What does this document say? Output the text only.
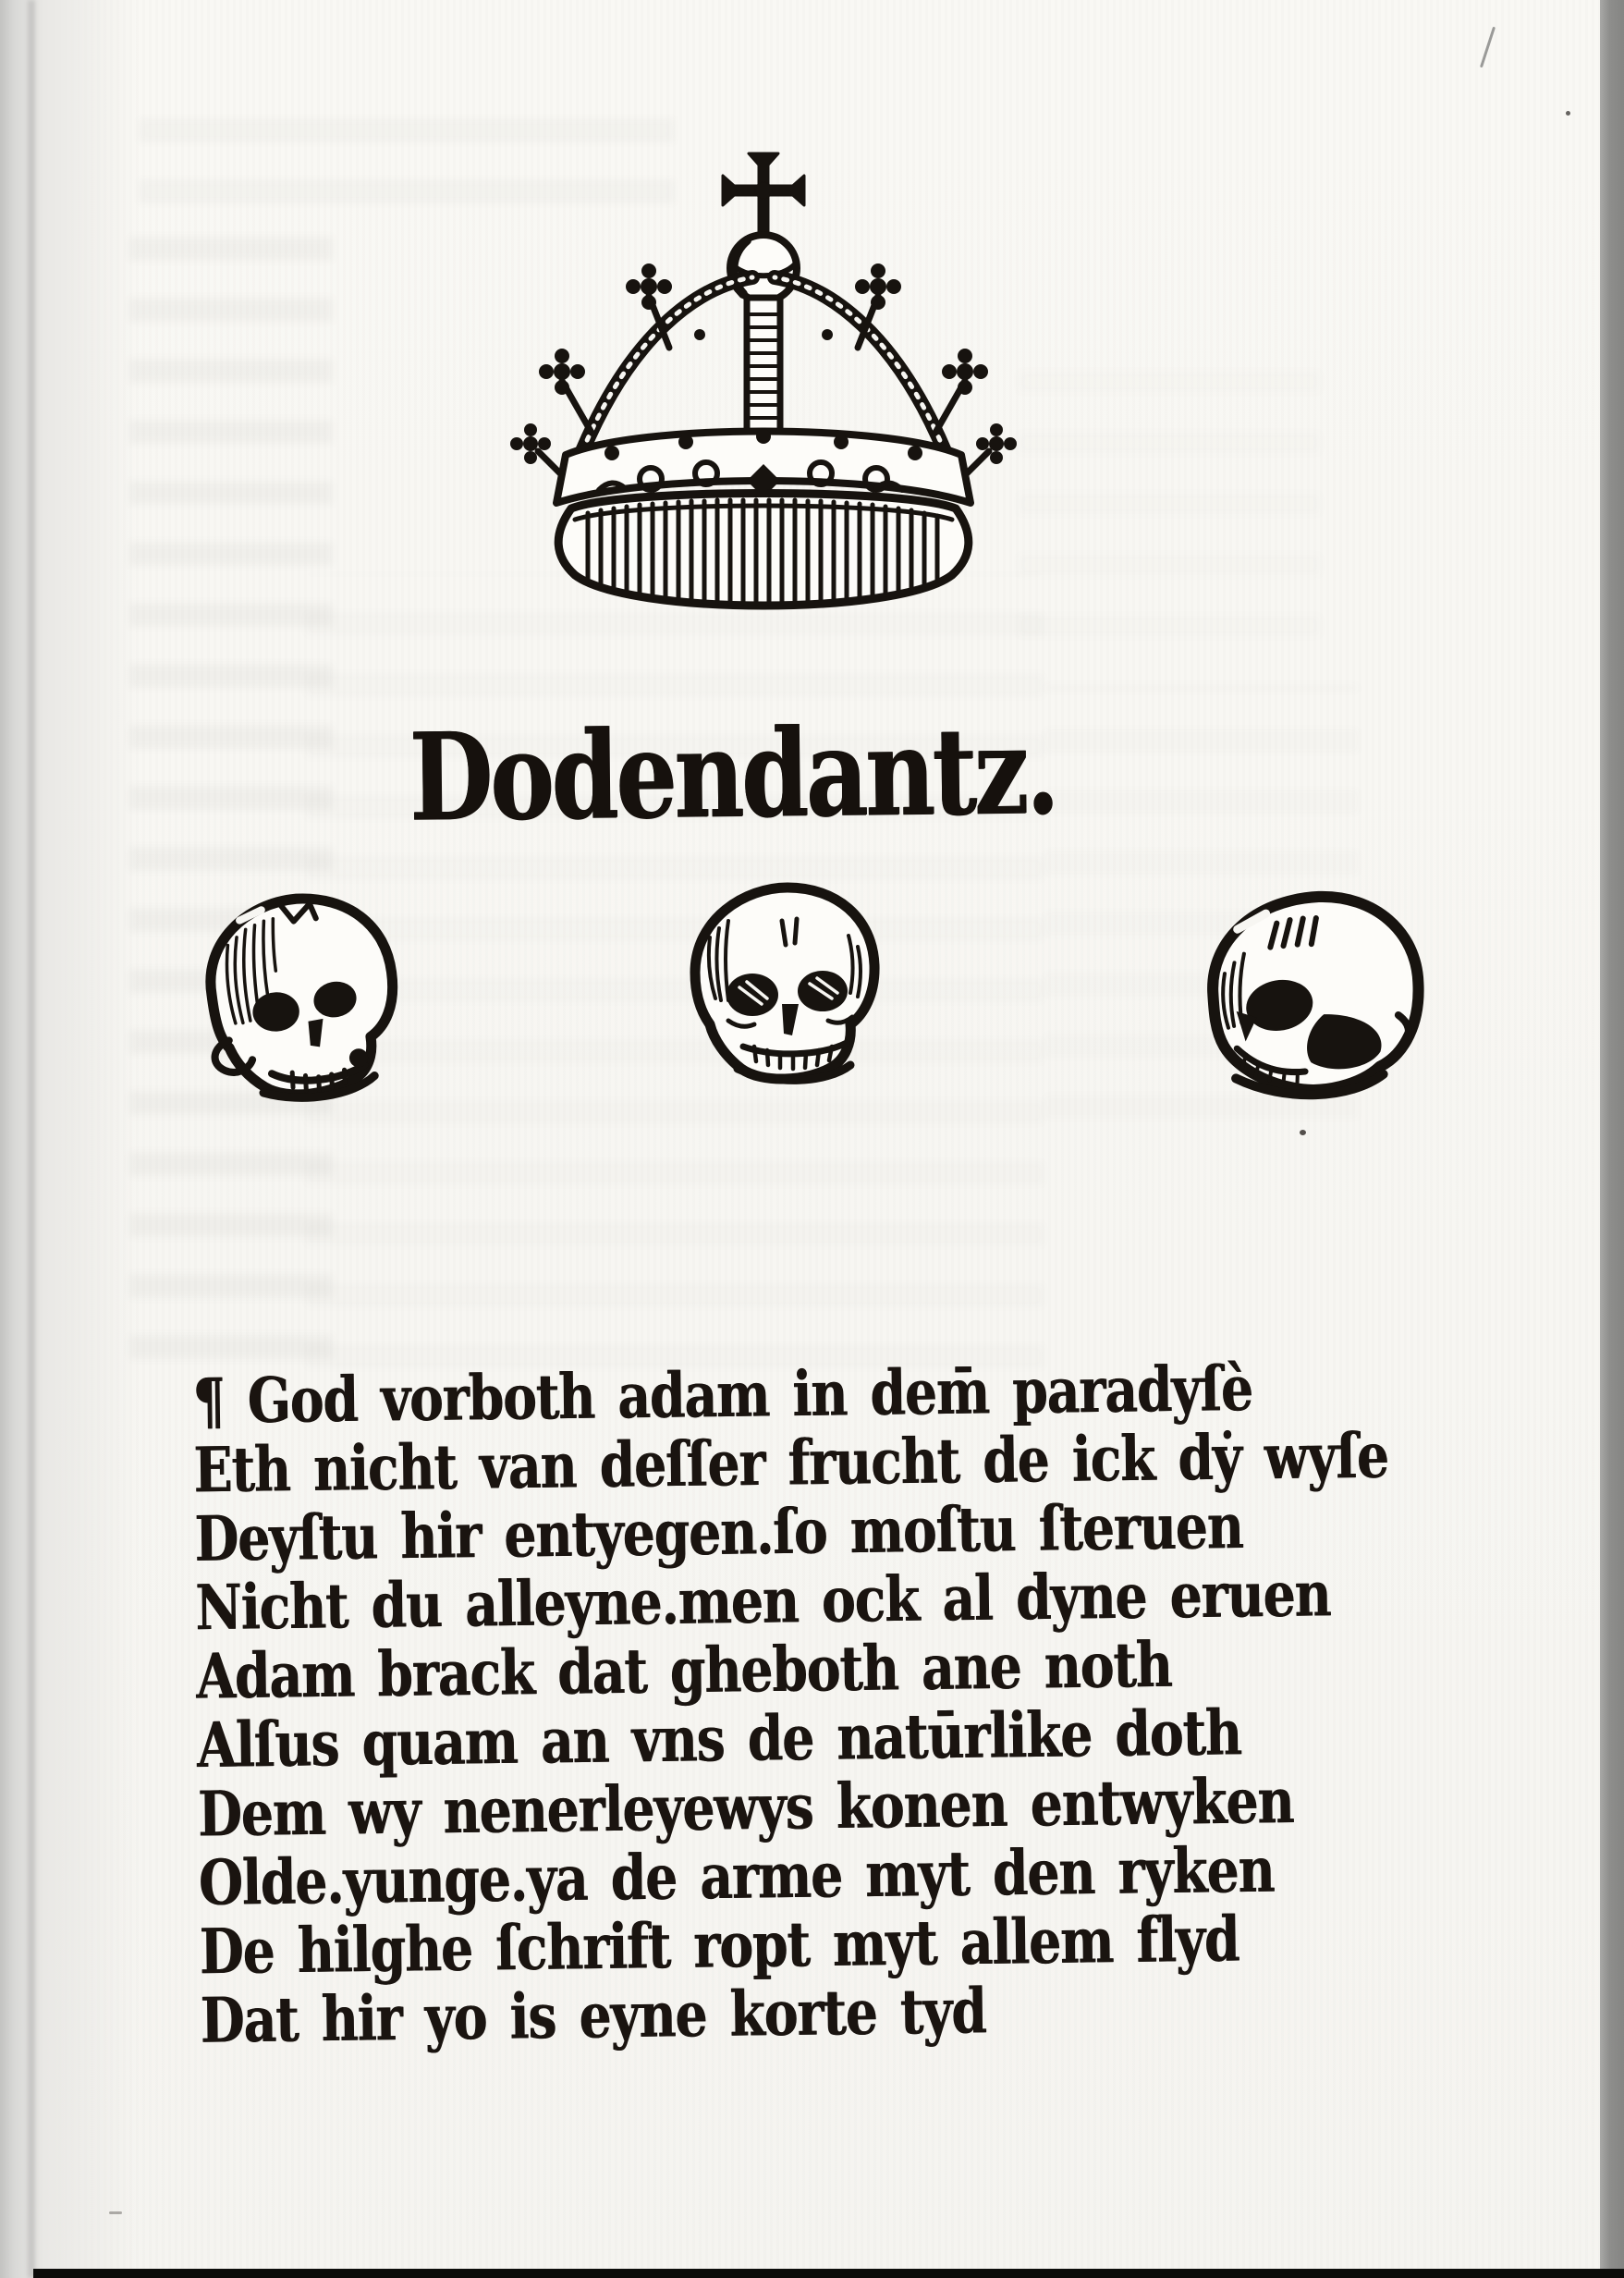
Dodendantz.
¶ God vorboth adam in dem̄ paradyſè
Eth nicht van deſſer frucht de ick dẏ wyſe
Deyſtu hir entyegen.ſo moſtu ſteruen
Nicht du alleyne.men ock al dyne eruen
Adam brack dat gheboth ane noth
Alſus quam an vns de natūrlike doth
Dem wy nenerleyewys konen entwyken
Olde.yunge.ya de arme myt den ryken
De hilghe ſchrift ropt myt allem flyd
Dat hir yo is eyne korte tyd
